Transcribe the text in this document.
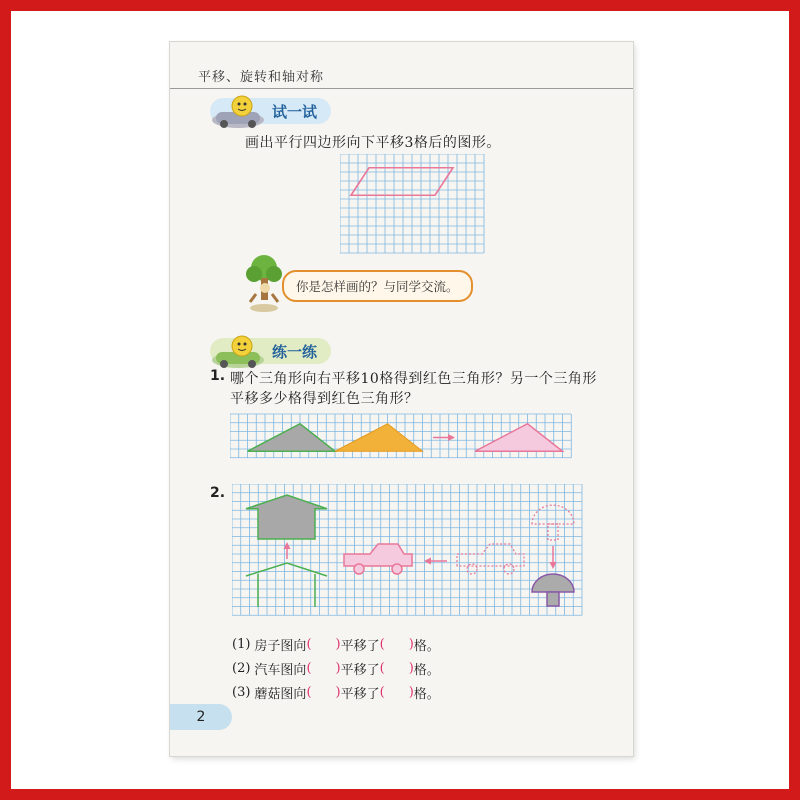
平移、旋转和轴对称
试一试
画出平行四边形向下平移3格后的图形。
你是怎样画的？与同学交流。
练一练
1. 哪个三角形向右平移10格得到红色三角形？另一个三角形
平移多少格得到红色三角形？
2.
(1) 房子图向 ( ) 平移了 ( ) 格。
(2) 汽车图向 ( ) 平移了 ( ) 格。
(3) 蘑菇图向 ( ) 平移了 ( ) 格。
2
